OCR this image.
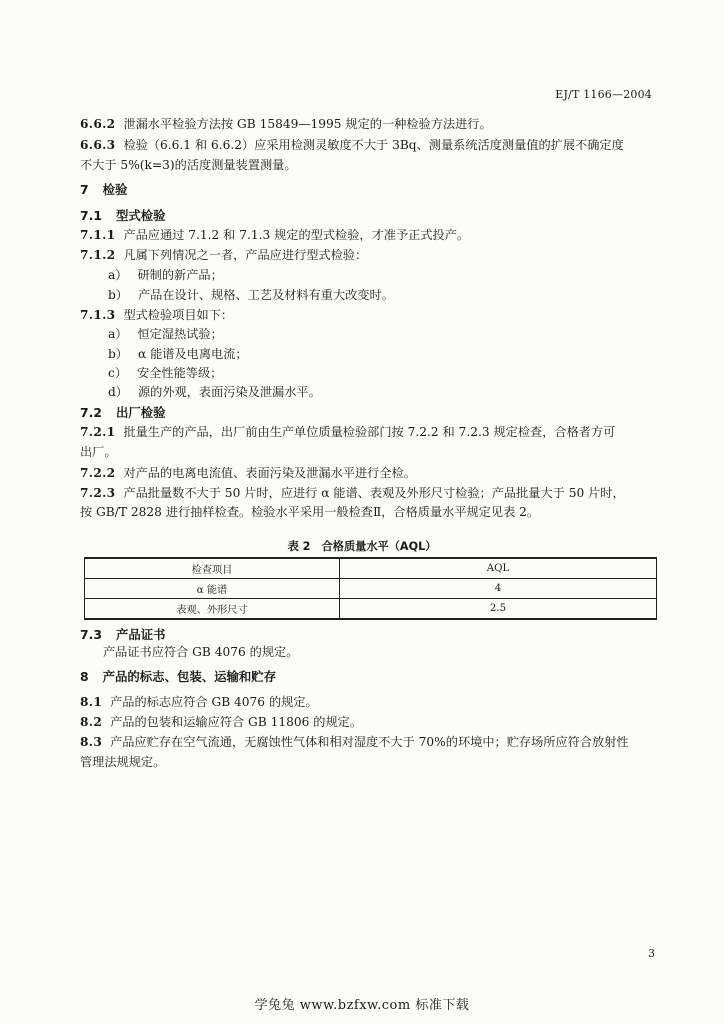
EJ/T 1166—2004
6.6.2 泄漏水平检验方法按 GB 15849—1995 规定的一种检验方法进行。
6.6.3 检验（6.6.1 和 6.6.2）应采用检测灵敏度不大于 3Bq、测量系统活度测量值的扩展不确定度
不大于 5%(k=3)的活度测量装置测量。
7 检验
7.1 型式检验
7.1.1 产品应通过 7.1.2 和 7.1.3 规定的型式检验，才准予正式投产。
7.1.2 凡属下列情况之一者，产品应进行型式检验：
a） 研制的新产品；
b） 产品在设计、规格、工艺及材料有重大改变时。
7.1.3 型式检验项目如下：
a） 恒定湿热试验；
b） α 能谱及电离电流；
c） 安全性能等级；
d） 源的外观，表面污染及泄漏水平。
7.2 出厂检验
7.2.1 批量生产的产品，出厂前由生产单位质量检验部门按 7.2.2 和 7.2.3 规定检查，合格者方可
出厂。
7.2.2 对产品的电离电流值、表面污染及泄漏水平进行全检。
7.2.3 产品批量数不大于 50 片时，应进行 α 能谱、表观及外形尺寸检验；产品批量大于 50 片时，
按 GB/T 2828 进行抽样检查。检验水平采用一般检查Ⅱ，合格质量水平规定见表 2。
表 2　合格质量水平（AQL）
检查项目	AQL
α 能谱	4
表观、外形尺寸	2.5
7.3 产品证书
产品证书应符合 GB 4076 的规定。
8 产品的标志、包装、运输和贮存
8.1 产品的标志应符合 GB 4076 的规定。
8.2 产品的包装和运输应符合 GB 11806 的规定。
8.3 产品应贮存在空气流通，无腐蚀性气体和相对湿度不大于 70%的环境中；贮存场所应符合放射性
管理法规规定。
3
学兔兔 www.bzfxw.com 标准下载
